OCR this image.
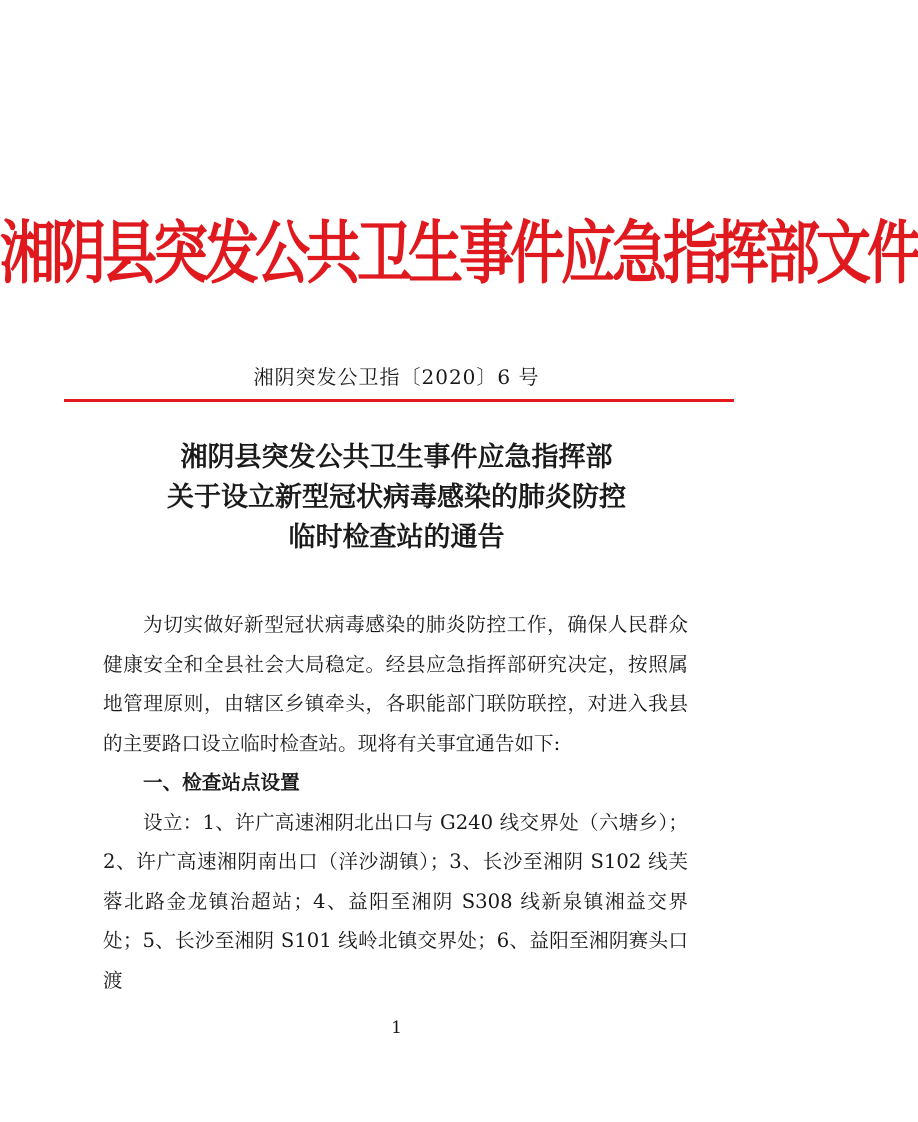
湘阴县突发公共卫生事件应急指挥部文件
湘阴突发公卫指〔2020〕6 号
湘阴县突发公共卫生事件应急指挥部
关于设立新型冠状病毒感染的肺炎防控
临时检查站的通告

为切实做好新型冠状病毒感染的肺炎防控工作，确保人民群众健康安全和全县社会大局稳定。经县应急指挥部研究决定，按照属地管理原则，由辖区乡镇牵头，各职能部门联防联控，对进入我县的主要路口设立临时检查站。现将有关事宜通告如下:

一、检查站点设置

设立：1、许广高速湘阴北出口与 G240 线交界处（六塘乡）；2、许广高速湘阴南出口（洋沙湖镇）；3、长沙至湘阴 S102 线芙蓉北路金龙镇治超站；4、益阳至湘阴 S308 线新泉镇湘益交界处；5、长沙至湘阴 S101 线岭北镇交界处；6、益阳至湘阴赛头口渡

1
